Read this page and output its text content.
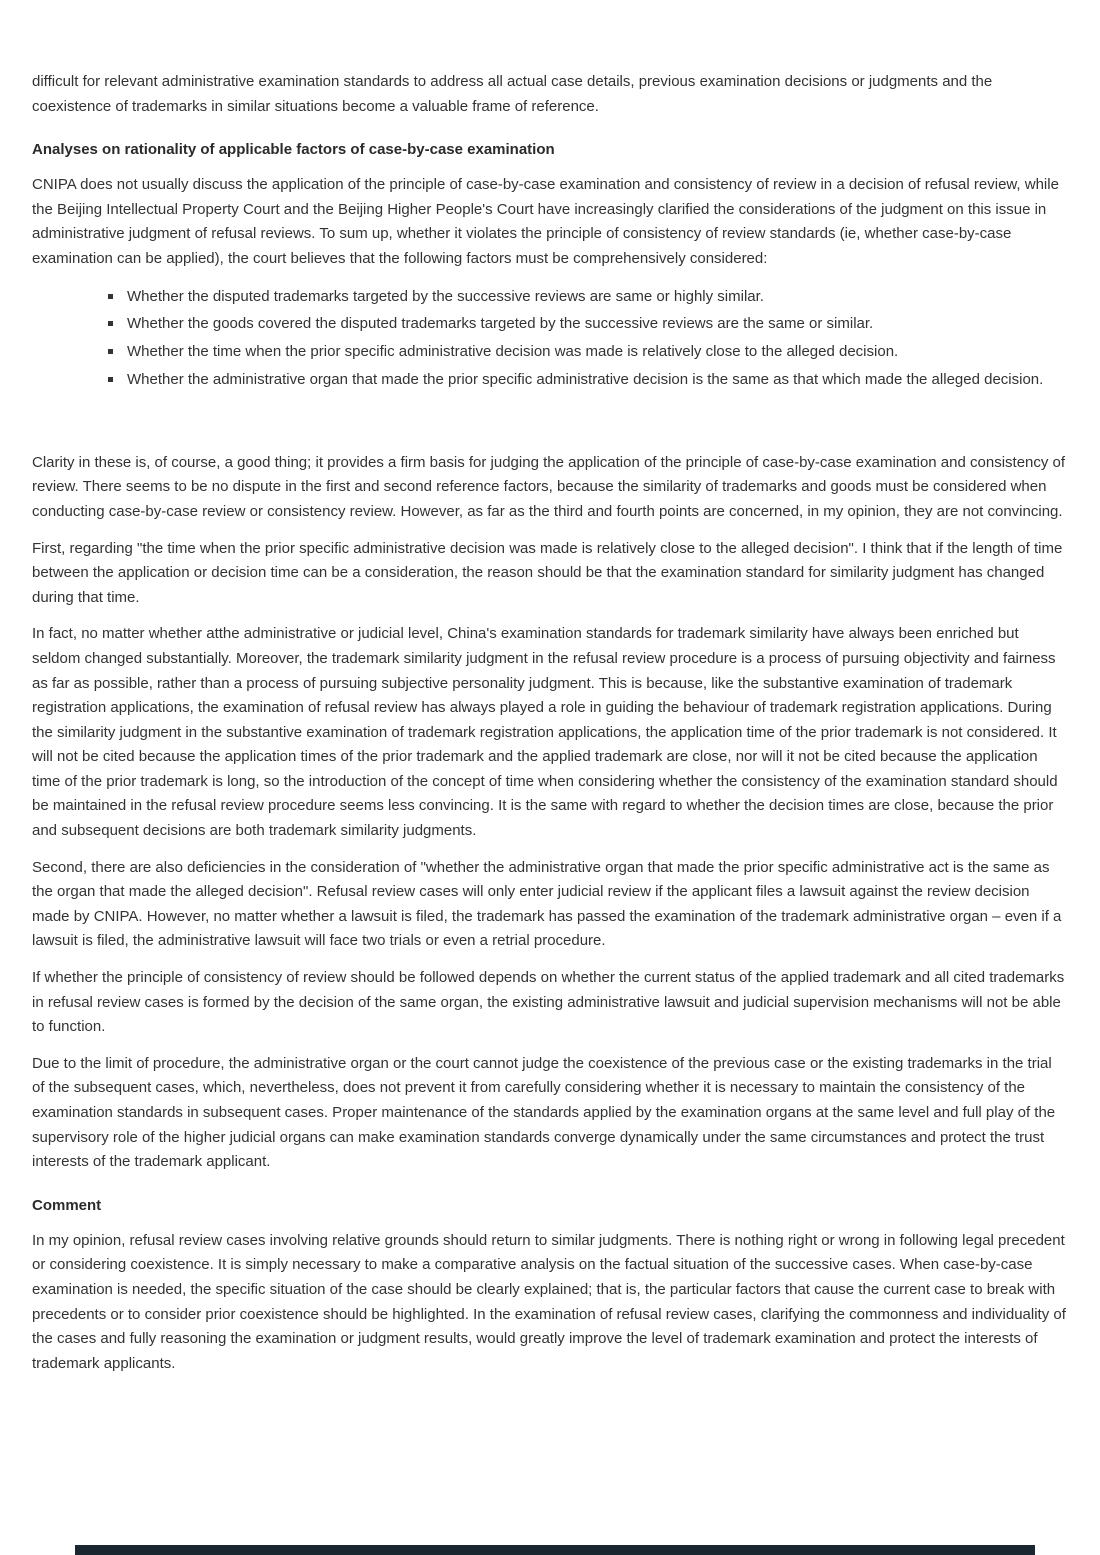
difficult for relevant administrative examination standards to address all actual case details, previous examination decisions or judgments and the coexistence of trademarks in similar situations become a valuable frame of reference.

Analyses on rationality of applicable factors of case-by-case examination

CNIPA does not usually discuss the application of the principle of case-by-case examination and consistency of review in a decision of refusal review, while the Beijing Intellectual Property Court and the Beijing Higher People's Court have increasingly clarified the considerations of the judgment on this issue in administrative judgment of refusal reviews. To sum up, whether it violates the principle of consistency of review standards (ie, whether case-by-case examination can be applied), the court believes that the following factors must be comprehensively considered:

Whether the disputed trademarks targeted by the successive reviews are same or highly similar.
Whether the goods covered the disputed trademarks targeted by the successive reviews are the same or similar.
Whether the time when the prior specific administrative decision was made is relatively close to the alleged decision.
Whether the administrative organ that made the prior specific administrative decision is the same as that which made the alleged decision.

Clarity in these is, of course, a good thing; it provides a firm basis for judging the application of the principle of case-by-case examination and consistency of review. There seems to be no dispute in the first and second reference factors, because the similarity of trademarks and goods must be considered when conducting case-by-case review or consistency review. However, as far as the third and fourth points are concerned, in my opinion, they are not convincing.

First, regarding "the time when the prior specific administrative decision was made is relatively close to the alleged decision". I think that if the length of time between the application or decision time can be a consideration, the reason should be that the examination standard for similarity judgment has changed during that time.

In fact, no matter whether atthe administrative or judicial level, China's examination standards for trademark similarity have always been enriched but seldom changed substantially. Moreover, the trademark similarity judgment in the refusal review procedure is a process of pursuing objectivity and fairness as far as possible, rather than a process of pursuing subjective personality judgment. This is because, like the substantive examination of trademark registration applications, the examination of refusal review has always played a role in guiding the behaviour of trademark registration applications. During the similarity judgment in the substantive examination of trademark registration applications, the application time of the prior trademark is not considered. It will not be cited because the application times of the prior trademark and the applied trademark are close, nor will it not be cited because the application time of the prior trademark is long, so the introduction of the concept of time when considering whether the consistency of the examination standard should be maintained in the refusal review procedure seems less convincing. It is the same with regard to whether the decision times are close, because the prior and subsequent decisions are both trademark similarity judgments.

Second, there are also deficiencies in the consideration of "whether the administrative organ that made the prior specific administrative act is the same as the organ that made the alleged decision". Refusal review cases will only enter judicial review if the applicant files a lawsuit against the review decision made by CNIPA. However, no matter whether a lawsuit is filed, the trademark has passed the examination of the trademark administrative organ – even if a lawsuit is filed, the administrative lawsuit will face two trials or even a retrial procedure.

If whether the principle of consistency of review should be followed depends on whether the current status of the applied trademark and all cited trademarks in refusal review cases is formed by the decision of the same organ, the existing administrative lawsuit and judicial supervision mechanisms will not be able to function.

Due to the limit of procedure, the administrative organ or the court cannot judge the coexistence of the previous case or the existing trademarks in the trial of the subsequent cases, which, nevertheless, does not prevent it from carefully considering whether it is necessary to maintain the consistency of the examination standards in subsequent cases. Proper maintenance of the standards applied by the examination organs at the same level and full play of the supervisory role of the higher judicial organs can make examination standards converge dynamically under the same circumstances and protect the trust interests of the trademark applicant.

Comment

In my opinion, refusal review cases involving relative grounds should return to similar judgments. There is nothing right or wrong in following legal precedent or considering coexistence. It is simply necessary to make a comparative analysis on the factual situation of the successive cases. When case-by-case examination is needed, the specific situation of the case should be clearly explained; that is, the particular factors that cause the current case to break with precedents or to consider prior coexistence should be highlighted. In the examination of refusal review cases, clarifying the commonness and individuality of the cases and fully reasoning the examination or judgment results, would greatly improve the level of trademark examination and protect the interests of trademark applicants.
